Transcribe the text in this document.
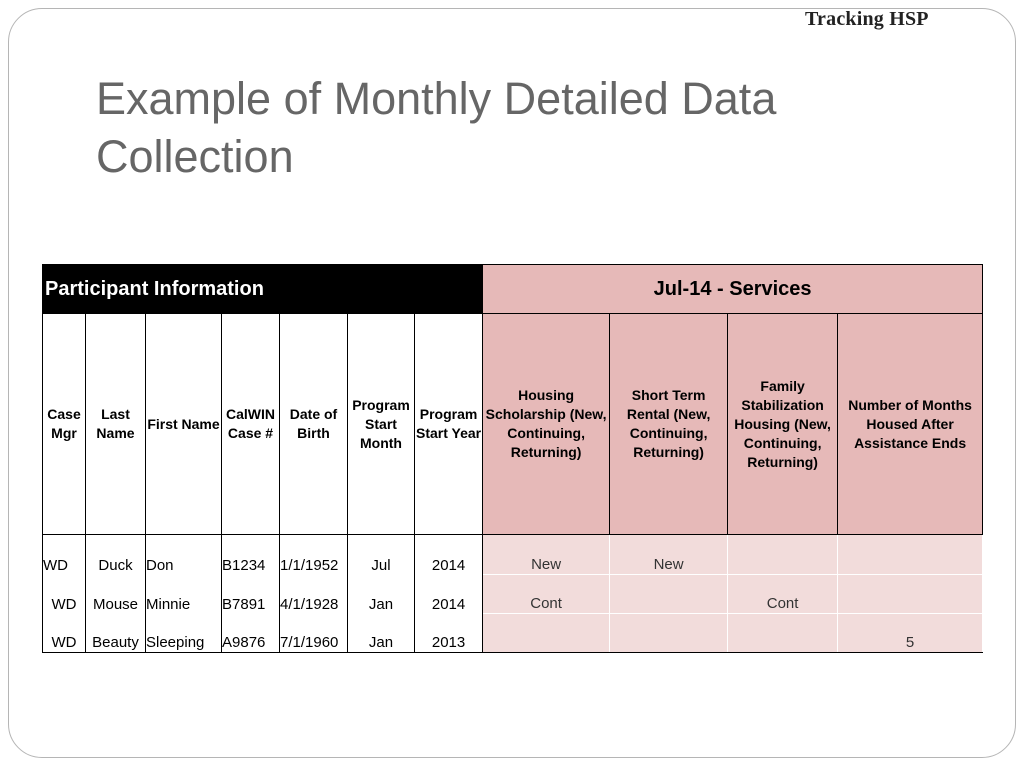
Tracking HSP
Example of Monthly Detailed Data Collection
Participant Information							Jul-14 - Services			
Case Mgr	Last Name	First Name	CalWIN Case #	Date of Birth	Program Start Month	Program Start Year	Housing Scholarship (New, Continuing, Returning)	Short Term Rental (New, Continuing, Returning)	Family Stabilization Housing (New, Continuing, Returning)	Number of Months Housed After Assistance Ends
WD	Duck	Don	B1234	1/1/1952	Jul	2014	New	New		
WD	Mouse	Minnie	B7891	4/1/1928	Jan	2014	Cont		Cont	
WD	Beauty	Sleeping	A9876	7/1/1960	Jan	2013				5
